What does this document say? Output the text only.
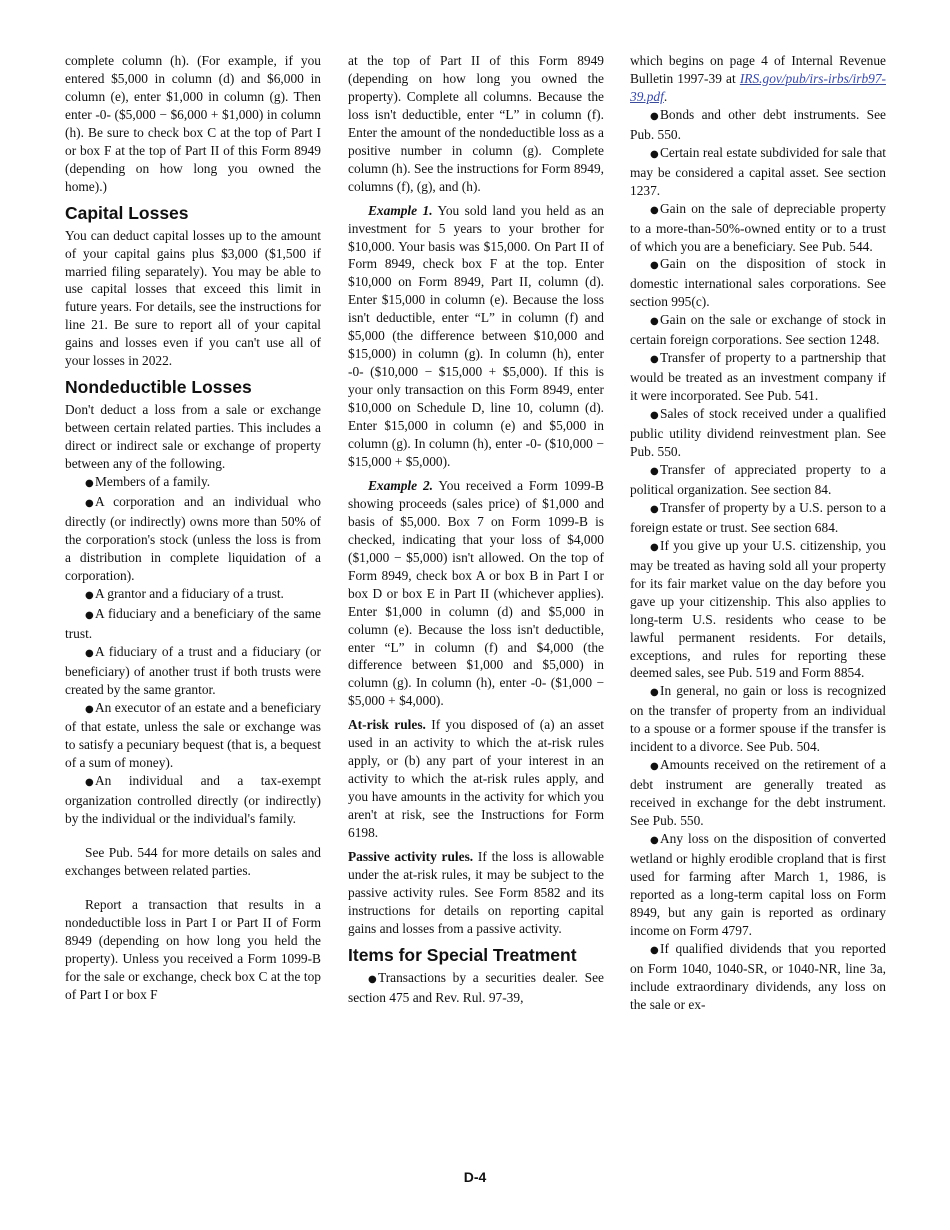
complete column (h). (For example, if you entered $5,000 in column (d) and $6,000 in column (e), enter $1,000 in column (g). Then enter -0- ($5,000 − $6,000 + $1,000) in column (h). Be sure to check box C at the top of Part I or box F at the top of Part II of this Form 8949 (depending on how long you owned the home).)

Capital Losses

You can deduct capital losses up to the amount of your capital gains plus $3,000 ($1,500 if married filing separately). You may be able to use capital losses that exceed this limit in future years. For details, see the instructions for line 21. Be sure to report all of your capital gains and losses even if you can't use all of your losses in 2022.

Nondeductible Losses

Don't deduct a loss from a sale or exchange between certain related parties. This includes a direct or indirect sale or exchange of property between any of the following.

●Members of a family.

●A corporation and an individual who directly (or indirectly) owns more than 50% of the corporation's stock (unless the loss is from a distribution in complete liquidation of a corporation).

●A grantor and a fiduciary of a trust.

●A fiduciary and a beneficiary of the same trust.

●A fiduciary of a trust and a fiduciary (or beneficiary) of another trust if both trusts were created by the same grantor.

●An executor of an estate and a beneficiary of that estate, unless the sale or exchange was to satisfy a pecuniary bequest (that is, a bequest of a sum of money).

●An individual and a tax-exempt organization controlled directly (or indirectly) by the individual or the individual's family.

See Pub. 544 for more details on sales and exchanges between related parties.

Report a transaction that results in a nondeductible loss in Part I or Part II of Form 8949 (depending on how long you held the property). Unless you received a Form 1099-B for the sale or exchange, check box C at the top of Part I or box F

at the top of Part II of this Form 8949 (depending on how long you owned the property). Complete all columns. Because the loss isn't deductible, enter “L” in column (f). Enter the amount of the nondeductible loss as a positive number in column (g). Complete column (h). See the instructions for Form 8949, columns (f), (g), and (h).

Example 1. You sold land you held as an investment for 5 years to your brother for $10,000. Your basis was $15,000. On Part II of Form 8949, check box F at the top. Enter $10,000 on Form 8949, Part II, column (d). Enter $15,000 in column (e). Because the loss isn't deductible, enter “L” in column (f) and $5,000 (the difference between $10,000 and $15,000) in column (g). In column (h), enter -0- ($10,000 − $15,000 + $5,000). If this is your only transaction on this Form 8949, enter $10,000 on Schedule D, line 10, column (d). Enter $15,000 in column (e) and $5,000 in column (g). In column (h), enter -0- ($10,000 − $15,000 + $5,000).

Example 2. You received a Form 1099-B showing proceeds (sales price) of $1,000 and basis of $5,000. Box 7 on Form 1099-B is checked, indicating that your loss of $4,000 ($1,000 − $5,000) isn't allowed. On the top of Form 8949, check box A or box B in Part I or box D or box E in Part II (whichever applies). Enter $1,000 in column (d) and $5,000 in column (e). Because the loss isn't deductible, enter “L” in column (f) and $4,000 (the difference between $1,000 and $5,000) in column (g). In column (h), enter -0- ($1,000 − $5,000 + $4,000).

At-risk rules. If you disposed of (a) an asset used in an activity to which the at-risk rules apply, or (b) any part of your interest in an activity to which the at-risk rules apply, and you have amounts in the activity for which you aren't at risk, see the Instructions for Form 6198.

Passive activity rules. If the loss is allowable under the at-risk rules, it may be subject to the passive activity rules. See Form 8582 and its instructions for details on reporting capital gains and losses from a passive activity.

Items for Special Treatment

●Transactions by a securities dealer. See section 475 and Rev. Rul. 97-39,

which begins on page 4 of Internal Revenue Bulletin 1997-39 at IRS.gov/pub/irs-irbs/irb97-39.pdf.

●Bonds and other debt instruments. See Pub. 550.

●Certain real estate subdivided for sale that may be considered a capital asset. See section 1237.

●Gain on the sale of depreciable property to a more-than-50%-owned entity or to a trust of which you are a beneficiary. See Pub. 544.

●Gain on the disposition of stock in domestic international sales corporations. See section 995(c).

●Gain on the sale or exchange of stock in certain foreign corporations. See section 1248.

●Transfer of property to a partnership that would be treated as an investment company if it were incorporated. See Pub. 541.

●Sales of stock received under a qualified public utility dividend reinvestment plan. See Pub. 550.

●Transfer of appreciated property to a political organization. See section 84.

●Transfer of property by a U.S. person to a foreign estate or trust. See section 684.

●If you give up your U.S. citizenship, you may be treated as having sold all your property for its fair market value on the day before you gave up your citizenship. This also applies to long-term U.S. residents who cease to be lawful permanent residents. For details, exceptions, and rules for reporting these deemed sales, see Pub. 519 and Form 8854.

●In general, no gain or loss is recognized on the transfer of property from an individual to a spouse or a former spouse if the transfer is incident to a divorce. See Pub. 504.

●Amounts received on the retirement of a debt instrument are generally treated as received in exchange for the debt instrument. See Pub. 550.

●Any loss on the disposition of converted wetland or highly erodible cropland that is first used for farming after March 1, 1986, is reported as a long-term capital loss on Form 8949, but any gain is reported as ordinary income on Form 4797.

●If qualified dividends that you reported on Form 1040, 1040-SR, or 1040-NR, line 3a, include extraordinary dividends, any loss on the sale or ex-

D-4
